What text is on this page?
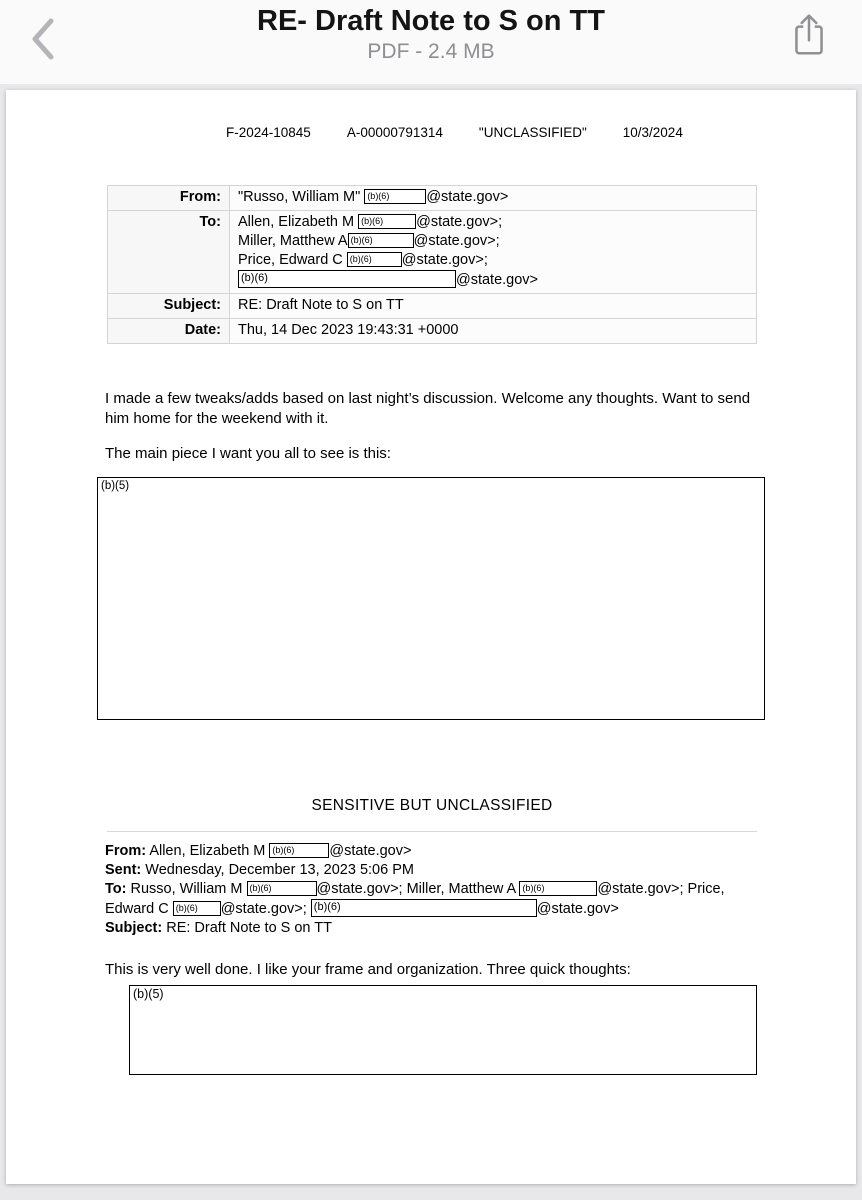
RE- Draft Note to S on TT
PDF - 2.4 MB
F-2024-10845	A-00000791314	"UNCLASSIFIED"	10/3/2024
From:	"Russo, William M" (b)(6) @state.gov>
To:	Allen, Elizabeth M (b)(6) @state.gov>;
Miller, Matthew A (b)(6) @state.gov>;
Price, Edward C (b)(6) @state.gov>;
(b)(6) @state.gov>

Subject:	RE: Draft Note to S on TT
Date:	Thu, 14 Dec 2023 19:43:31 +0000

I made a few tweaks/adds based on last night’s discussion. Welcome any thoughts. Want to send him home for the weekend with it.

The main piece I want you all to see is this:

(b)(5)
SENSITIVE BUT UNCLASSIFIED
From: Allen, Elizabeth M (b)(6) @state.gov>
Sent: Wednesday, December 13, 2023 5:06 PM
To: Russo, William M (b)(6)	@state.gov>; Miller, Matthew A (b)(6)	@state.gov>; Price,
Edward C (b)(6) @state.gov>; (b)(6)	@state.gov>
Subject: RE: Draft Note to S on TT

This is very well done. I like your frame and organization. Three quick thoughts:

(b)(5)
